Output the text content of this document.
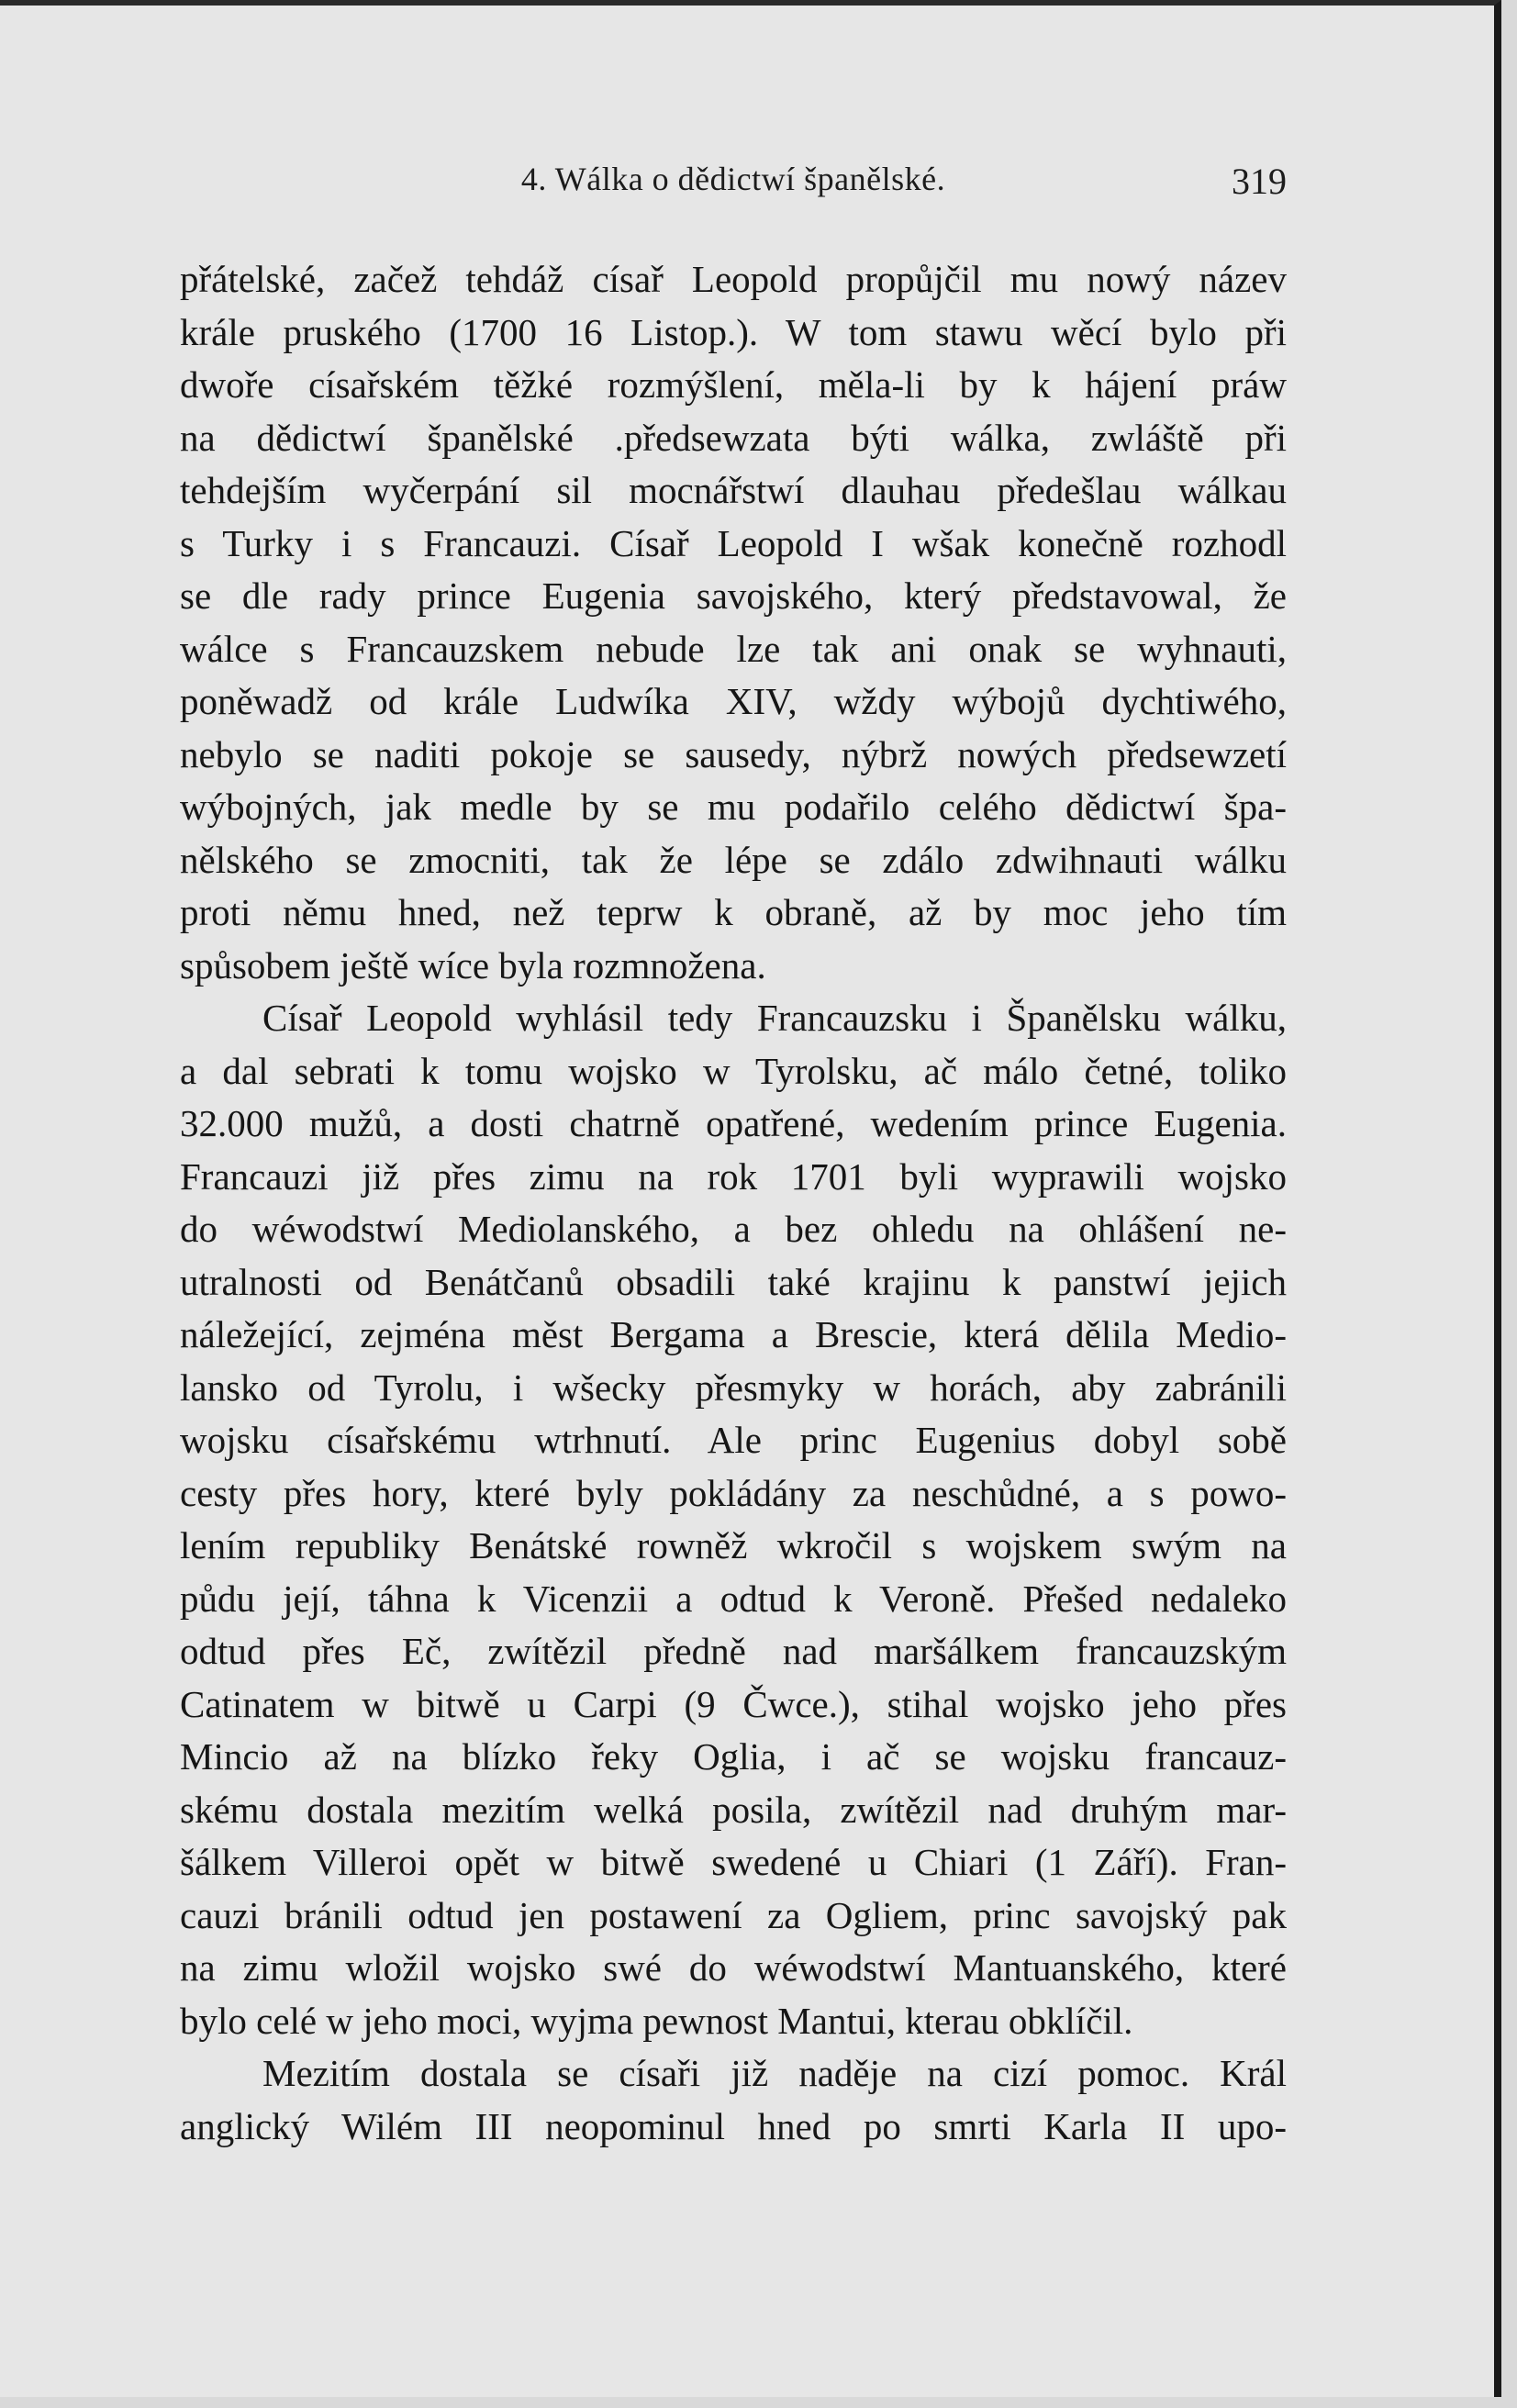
4. Wálka o dědictwí španělské.	319
přátelské, začež tehdáž císař Leopold propůjčil mu nowý název
krále pruského (1700 16 Listop.). W tom stawu wěcí bylo při
dwoře císařském těžké rozmýšlení, měla-li by k hájení práw
na dědictwí španělské .předsewzata býti wálka, zwláště při
tehdejším wyčerpání sil mocnářstwí dlauhau předešlau wálkau
s Turky i s Francauzi. Císař Leopold I wšak konečně rozhodl
se dle rady prince Eugenia savojského, který představowal, že
wálce s Francauzskem nebude lze tak ani onak se wyhnauti,
poněwadž od krále Ludwíka XIV, wždy wýbojů dychtiwého,
nebylo se naditi pokoje se sausedy, nýbrž nowých předsewzetí
wýbojných, jak medle by se mu podařilo celého dědictwí špa-
nělského se zmocniti, tak že lépe se zdálo zdwihnauti wálku
proti němu hned, než teprw k obraně, až by moc jeho tím
spůsobem ještě wíce byla rozmnožena.
Císař Leopold wyhlásil tedy Francauzsku i Španělsku wálku,
a dal sebrati k tomu wojsko w Tyrolsku, ač málo četné, toliko
32.000 mužů, a dosti chatrně opatřené, wedením prince Eugenia.
Francauzi již přes zimu na rok 1701 byli wyprawili wojsko
do wéwodstwí Mediolanského, a bez ohledu na ohlášení ne-
utralnosti od Benátčanů obsadili také krajinu k panstwí jejich
náležející, zejména měst Bergama a Brescie, která dělila Medio-
lansko od Tyrolu, i wšecky přesmyky w horách, aby zabránili
wojsku císařskému wtrhnutí. Ale princ Eugenius dobyl sobě
cesty přes hory, které byly pokládány za neschůdné, a s powo-
lením republiky Benátské rowněž wkročil s wojskem swým na
půdu její, táhna k Vicenzii a odtud k Veroně. Přešed nedaleko
odtud přes Eč, zwítězil předně nad maršálkem francauzským
Catinatem w bitwě u Carpi (9 Čwce.), stihal wojsko jeho přes
Mincio až na blízko řeky Oglia, i ač se wojsku francauz-
skému dostala mezitím welká posila, zwítězil nad druhým mar-
šálkem Villeroi opět w bitwě swedené u Chiari (1 Září). Fran-
cauzi bránili odtud jen postawení za Ogliem, princ savojský pak
na zimu wložil wojsko swé do wéwodstwí Mantuanského, které
bylo celé w jeho moci, wyjma pewnost Mantui, kterau obklíčil.
Mezitím dostala se císaři již naděje na cizí pomoc. Král
anglický Wilém III neopominul hned po smrti Karla II upo-
